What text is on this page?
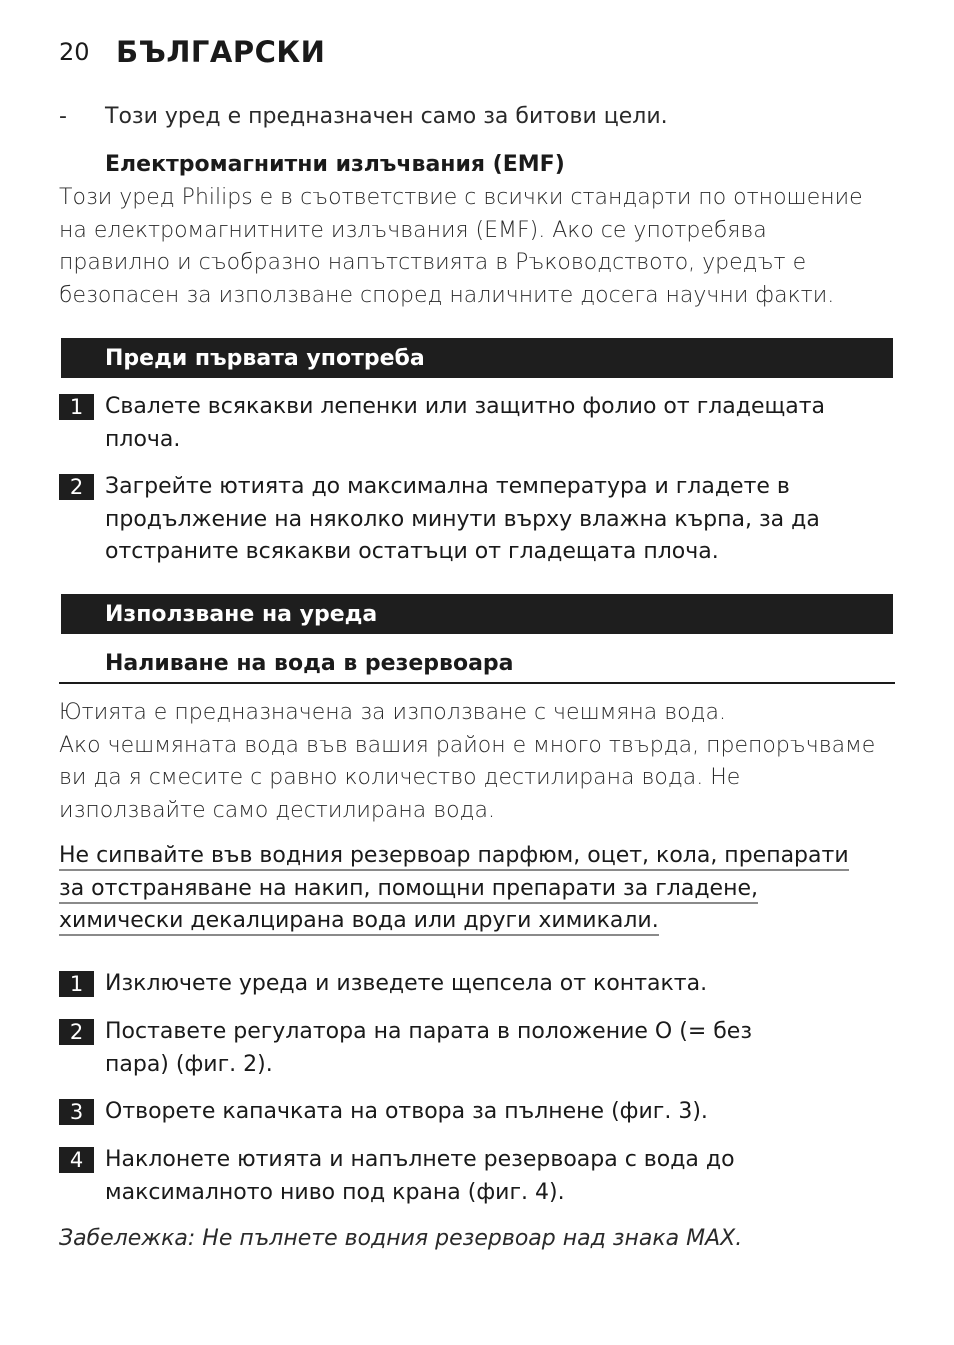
20 БЪЛГАРСКИ
- Този уред е предназначен само за битови цели.
Електромагнитни излъчвания (EMF)
Този уред Philips е в съответствие с всички стандарти по отношение
на електромагнитните излъчвания (EMF). Ако се употребява
правилно и съобразно напътствията в Ръководството, уредът е
безопасен за използване според наличните досега научни факти.
Преди първата употреба
1 Свалете всякакви лепенки или защитно фолио от гладещата
плоча.
2 Загрейте ютията до максимална температура и гладете в
продължение на няколко минути върху влажна кърпа, за да
отстраните всякакви остатъци от гладещата плоча.
Използване на уреда
Наливане на вода в резервоара
Ютията е предназначена за използване с чешмяна вода.
Ако чешмяната вода във вашия район е много твърда, препоръчваме
ви да я смесите с равно количество дестилирана вода. Не
използвайте само дестилирана вода.
Не сипвайте във водния резервоар парфюм, оцет, кола, препарати
за отстраняване на накип, помощни препарати за гладене,
химически декалцирана вода или други химикали.
1 Изключете уреда и изведете щепсела от контакта.
2 Поставете регулатора на парата в положение O (= без
пара) (фиг. 2).
3 Отворете капачката на отвора за пълнене (фиг. 3).
4 Наклонете ютията и напълнете резервоара с вода до
максималното ниво под крана (фиг. 4).
Забележка: Не пълнете водния резервоар над знака MAX.
